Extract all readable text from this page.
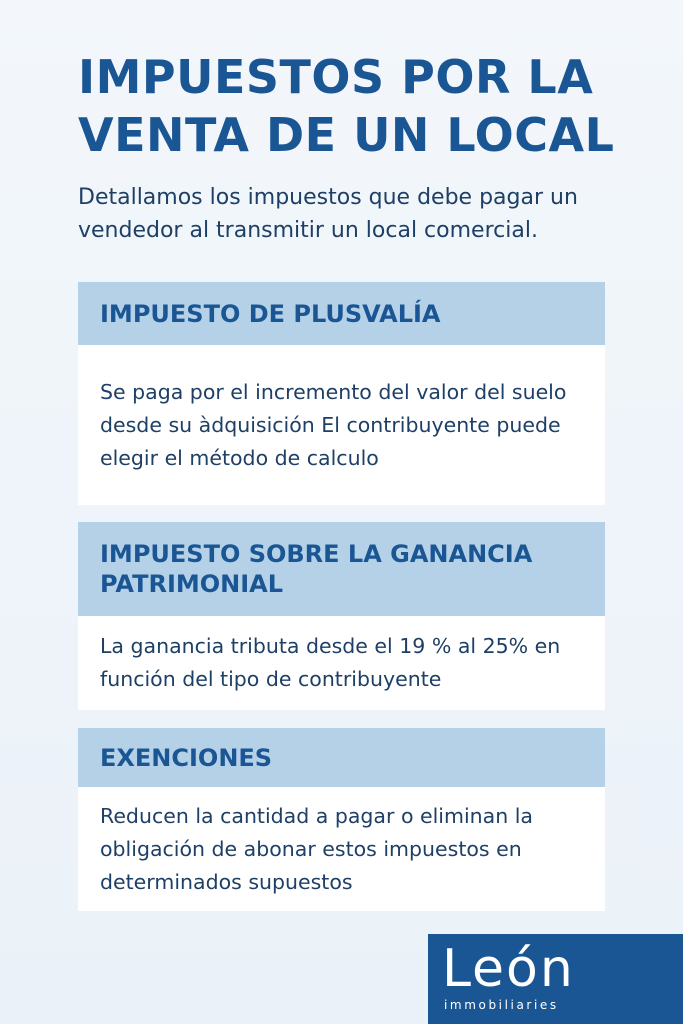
IMPUESTOS POR LA VENTA DE UN LOCAL

Detallamos los impuestos que debe pagar un vendedor al transmitir un local comercial.

IMPUESTO DE PLUSVALÍA

Se paga por el incremento del valor del suelo desde su àdquisición El contribuyente puede elegir el método de calculo

IMPUESTO SOBRE LA GANANCIA PATRIMONIAL

La ganancia tributa desde el 19 % al 25% en función del tipo de contribuyente

EXENCIONES

Reducen la cantidad a pagar o eliminan la obligación de abonar estos impuestos en determinados supuestos

León
immobiliaries
